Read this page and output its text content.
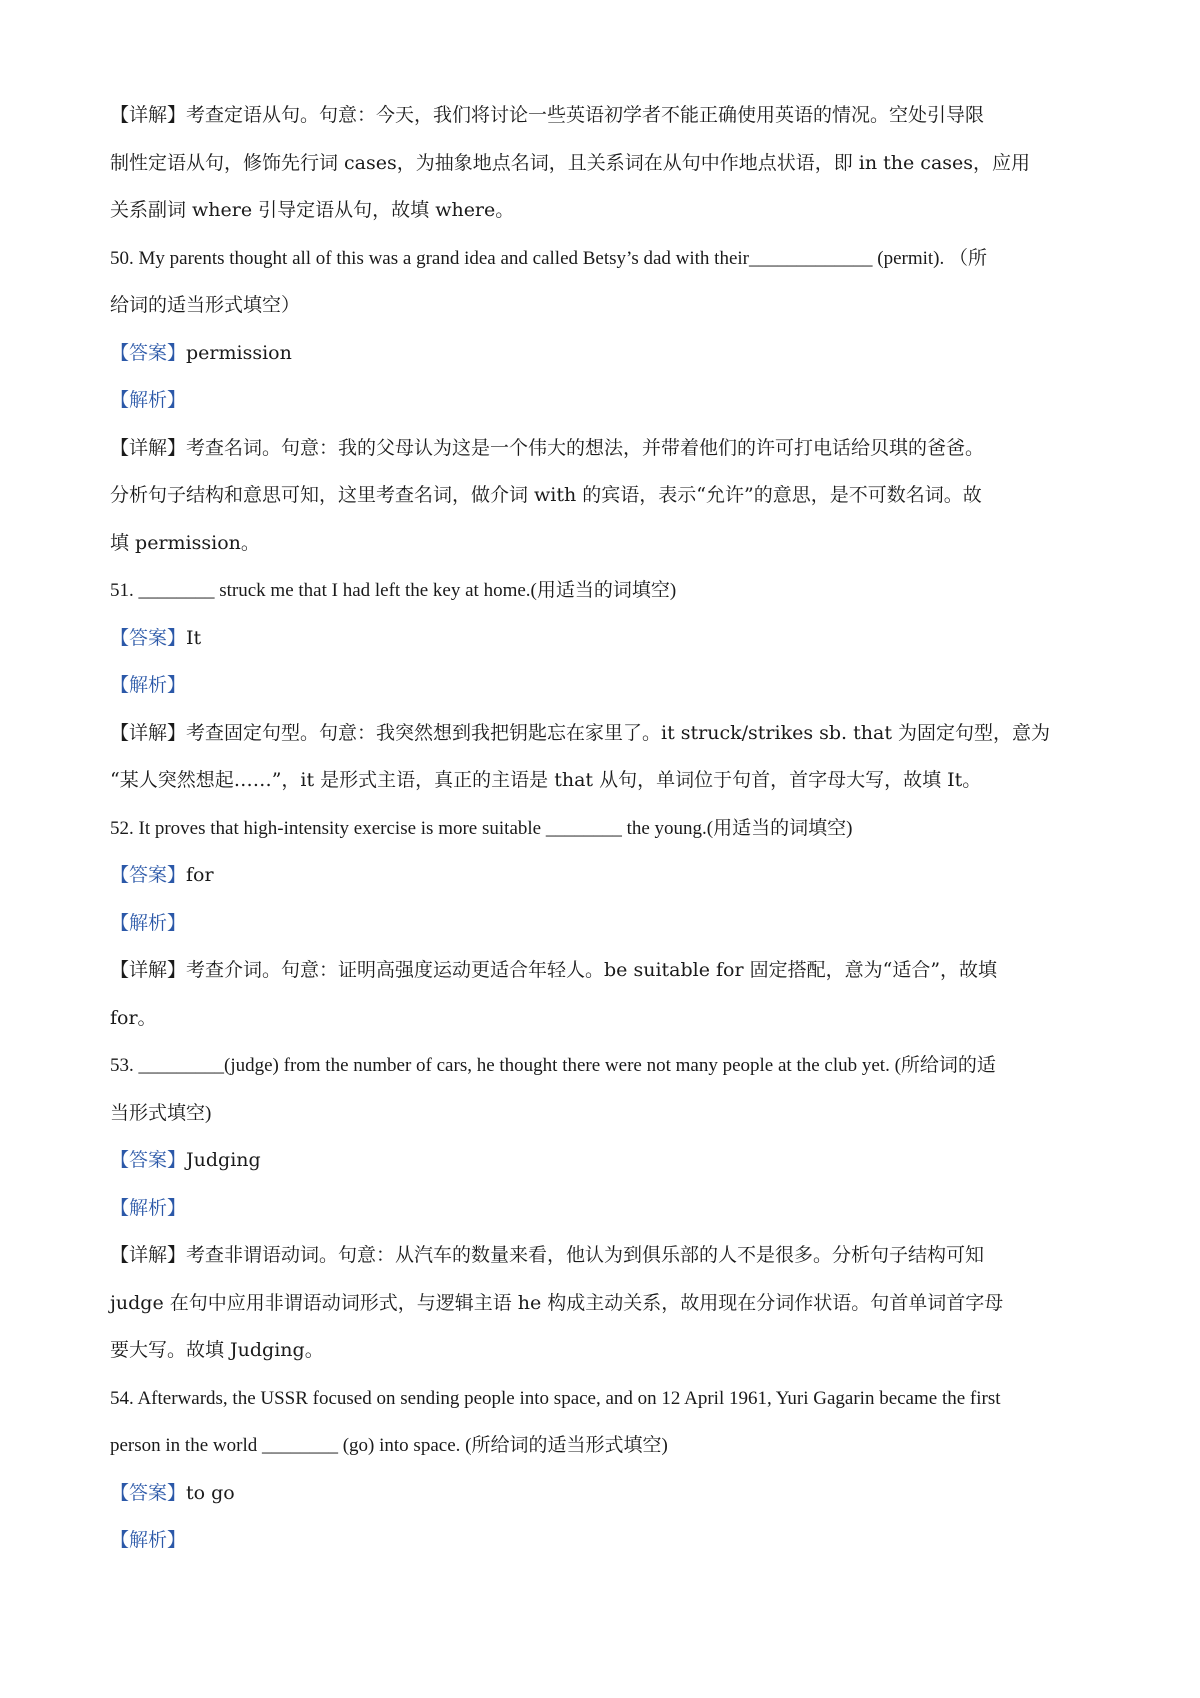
【详解】考查定语从句。句意：今天，我们将讨论一些英语初学者不能正确使用英语的情况。空处引导限

制性定语从句，修饰先行词 cases，为抽象地点名词，且关系词在从句中作地点状语，即 in the cases，应用

关系副词 where 引导定语从句，故填 where。

50. My parents thought all of this was a grand idea and called Betsy’s dad with their_____________ (permit). （所

给词的适当形式填空）

【答案】permission

【解析】

【详解】考查名词。句意：我的父母认为这是一个伟大的想法，并带着他们的许可打电话给贝琪的爸爸。

分析句子结构和意思可知，这里考查名词，做介词 with 的宾语，表示“允许”的意思，是不可数名词。故

填 permission。

51. ________ struck me that I had left the key at home.(用适当的词填空)

【答案】It

【解析】

【详解】考查固定句型。句意：我突然想到我把钥匙忘在家里了。it struck/strikes sb. that 为固定句型，意为

“某人突然想起……”，it 是形式主语，真正的主语是 that 从句，单词位于句首，首字母大写，故填 It。

52. It proves that high-intensity exercise is more suitable ________ the young.(用适当的词填空)

【答案】for

【解析】

【详解】考查介词。句意：证明高强度运动更适合年轻人。be suitable for 固定搭配，意为“适合”，故填

for。

53. _________(judge) from the number of cars, he thought there were not many people at the club yet. (所给词的适

当形式填空)

【答案】Judging

【解析】

【详解】考查非谓语动词。句意：从汽车的数量来看，他认为到俱乐部的人不是很多。分析句子结构可知

judge 在句中应用非谓语动词形式，与逻辑主语 he 构成主动关系，故用现在分词作状语。句首单词首字母

要大写。故填 Judging。

54. Afterwards, the USSR focused on sending people into space, and on 12 April 1961, Yuri Gagarin became the first

person in the world ________ (go) into space. (所给词的适当形式填空)

【答案】to go

【解析】
